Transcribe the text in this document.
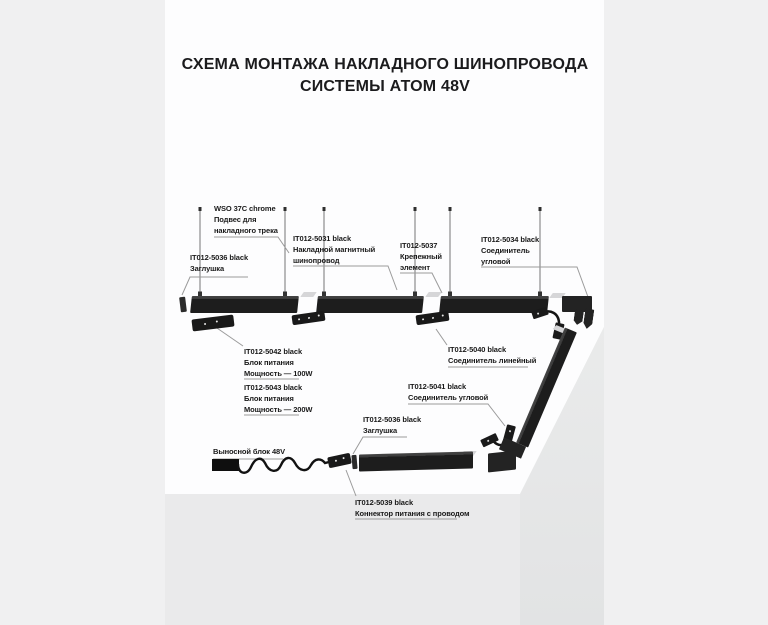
СХЕМА МОНТАЖА НАКЛАДНОГО ШИНОПРОВОДА
СИСТЕМЫ АТОМ 48V
WSO 37C chrome
Подвес для
накладного трека
IT012-5031 black
Накладной магнитный
шинопровод
IT012-5037
Крепежный
элемент
IT012-5034 black
Соединитель
угловой
IT012-5036 black
Заглушка
IT012-5042 black
Блок питания
Мощность — 100W
IT012-5043 black
Блок питания
Мощность — 200W
IT012-5040 black
Соединитель линейный
IT012-5041 black
Соединитель угловой
IT012-5036 black
Заглушка
Выносной блок 48V
IT012-5039 black
Коннектор питания с проводом
